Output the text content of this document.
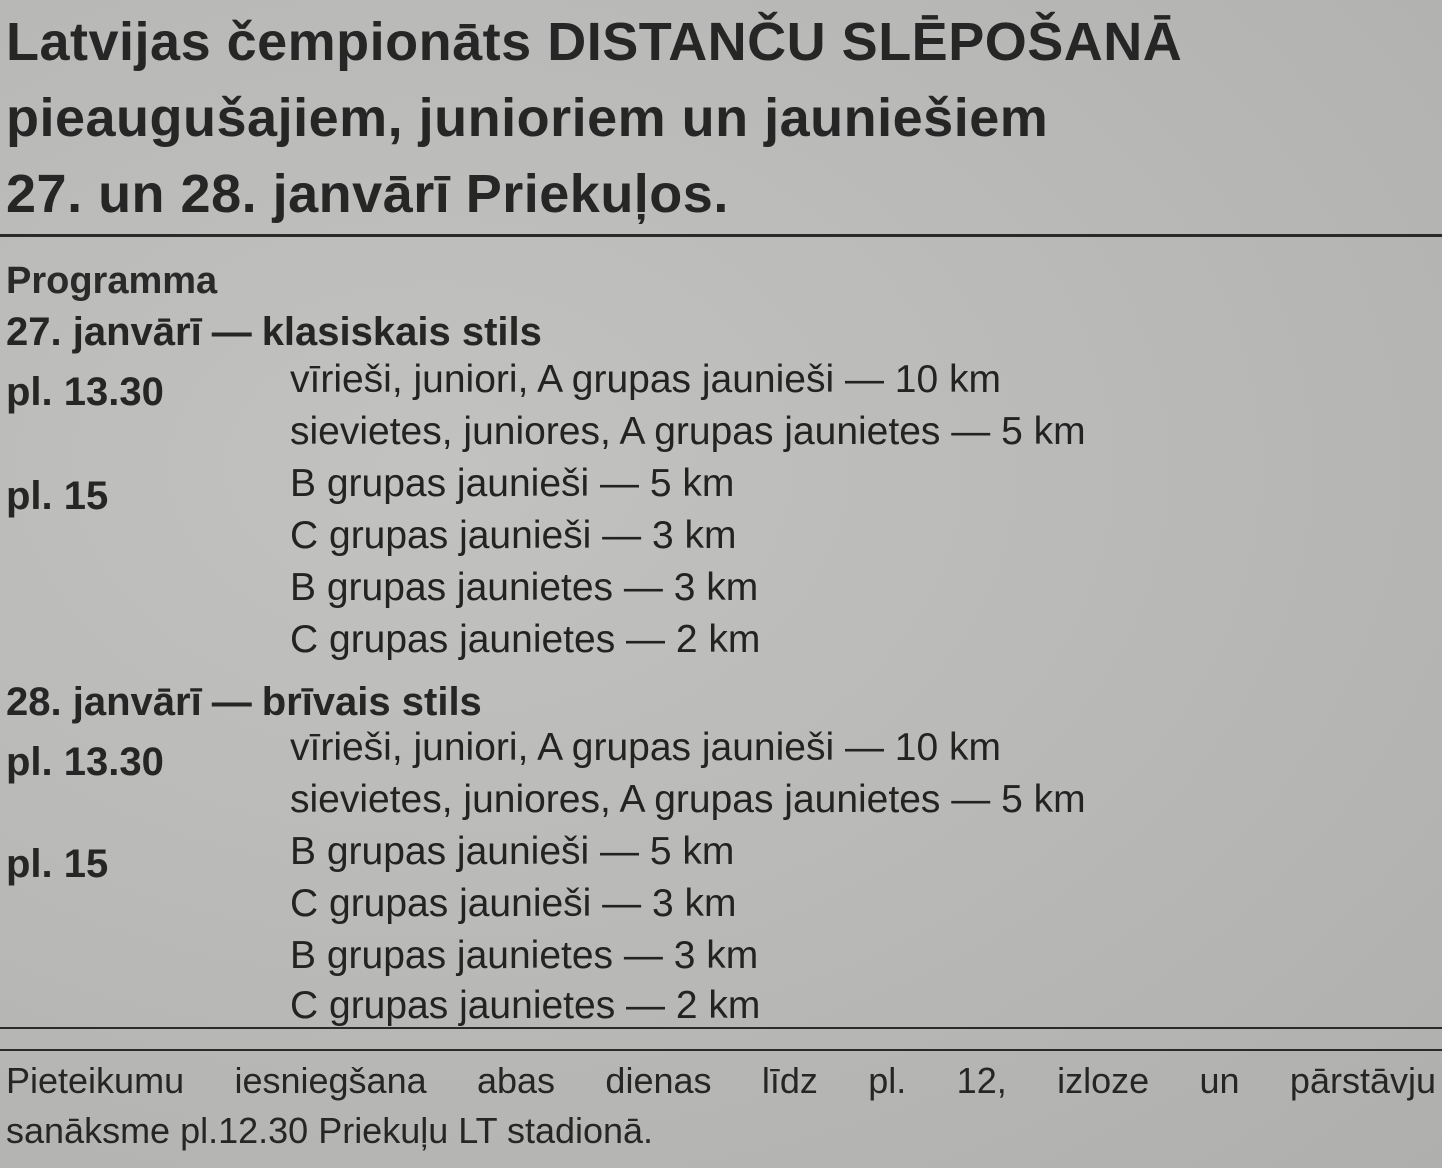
Latvijas čempionāts DISTANČU SLĒPOŠANĀ
pieaugušajiem, junioriem un jauniešiem
27. un 28. janvārī Priekuļos.
Programma
27. janvārī — klasiskais stils
pl. 13.30	vīrieši, juniori, A grupas jaunieši — 10 km
sievietes, juniores, A grupas jaunietes — 5 km
pl. 15	B grupas jaunieši — 5 km
C grupas jaunieši — 3 km
B grupas jaunietes — 3 km
C grupas jaunietes — 2 km
28. janvārī — brīvais stils
pl. 13.30	vīrieši, juniori, A grupas jaunieši — 10 km
sievietes, juniores, A grupas jaunietes — 5 km
pl. 15	B grupas jaunieši — 5 km
C grupas jaunieši — 3 km
B grupas jaunietes — 3 km
C grupas jaunietes — 2 km
Pieteikumu iesniegšana abas dienas līdz pl. 12, izloze un pārstāvju
sanāksme pl.12.30 Priekuļu LT stadionā.
